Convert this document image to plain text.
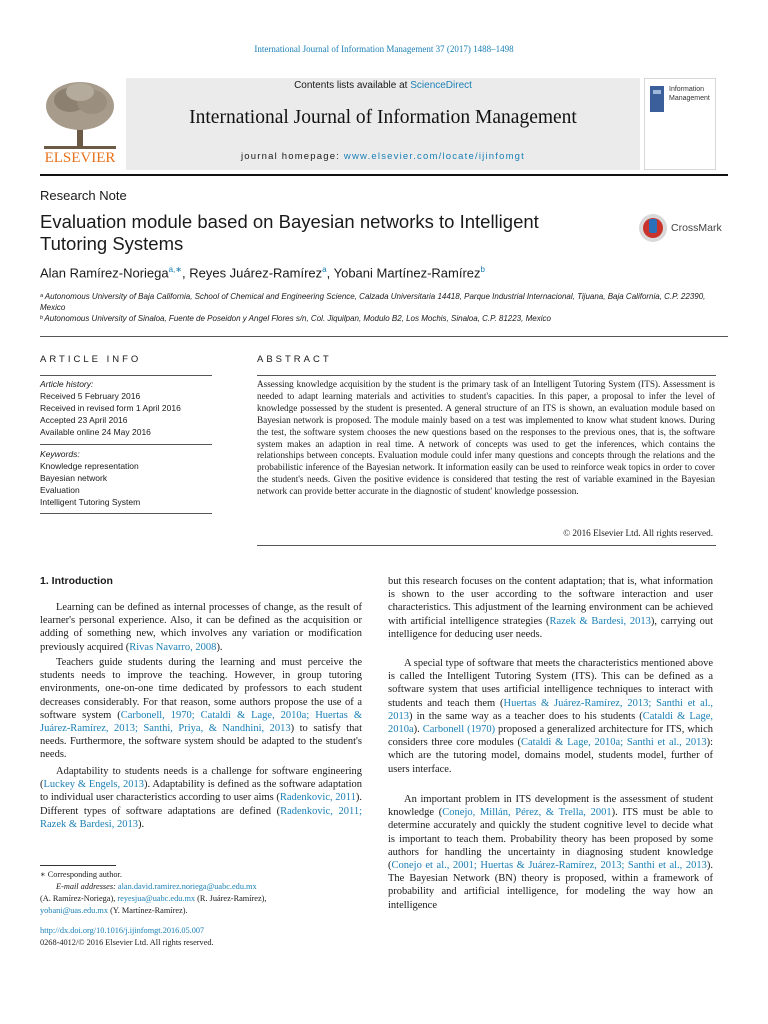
International Journal of Information Management 37 (2017) 1488–1498
ELSEVIER
Contents lists available at ScienceDirect
International Journal of Information Management
journal homepage: www.elsevier.com/locate/ijinfomgt
Information
Management
Research Note
Evaluation module based on Bayesian networks to Intelligent
Tutoring Systems
CrossMark
Alan Ramírez-Noriega$^{a,∗}$, Reyes Juárez-Ramírez$^a$, Yobani Martínez-Ramírez$^b$
ᵃ Autonomous University of Baja California, School of Chemical and Engineering Science, Calzada Universitaria 14418, Parque Industrial Internacional, Tijuana, Baja California, C.P. 22390, Mexico
ᵇ Autonomous University of Sinaloa, Fuente de Poseidon y Angel Flores s/n, Col. Jiquilpan, Modulo B2, Los Mochis, Sinaloa, C.P. 81223, Mexico
ARTICLE INFO
Article history:
Received 5 February 2016
Received in revised form 1 April 2016
Accepted 23 April 2016
Available online 24 May 2016
Keywords:
Knowledge representation
Bayesian network
Evaluation
Intelligent Tutoring System
ABSTRACT
Assessing knowledge acquisition by the student is the primary task of an Intelligent Tutoring System (ITS). Assessment is needed to adapt learning materials and activities to student's capacities. In this paper, a proposal to infer the level of knowledge possessed by the student is presented. A general structure of an ITS is shown, an evaluation module based on Bayesian network is proposed. The module mainly based on a test was implemented to know what student knows. During the test, the software system chooses the new questions based on the responses to the previous ones, that is, the software system makes an adaption in real time. A network of concepts was used to get the inferences, which contains the relationships between concepts. Evaluation module could infer many questions and concepts through the relations and the probabilistic inference of the Bayesian network. It information easily can be used to reinforce weak topics in order to cover the student's needs. Given the positive evidence is considered that testing the rest of variable examined in the Bayesian network can provide better accurate in the diagnostic of student' knowledge possession.
© 2016 Elsevier Ltd. All rights reserved.
1. Introduction

Learning can be defined as internal processes of change, as the result of learner's personal experience. Also, it can be defined as the acquisition or adding of something new, which involves any variation or modification previously acquired (Rivas Navarro, 2008).

Teachers guide students during the learning and must perceive the students needs to improve the teaching. However, in group tutoring environments, one-on-one time dedicated by professors to each student decreases considerably. For that reason, some authors propose the use of a software system (Carbonell, 1970; Cataldi & Lage, 2010a; Huertas & Juárez-Ramírez, 2013; Santhi, Priya, & Nandhini, 2013) to satisfy that needs. Furthermore, the software system should be adapted to the student's needs.

Adaptability to students needs is a challenge for software engineering (Luckey & Engels, 2013). Adaptability is defined as the software adaptation to individual user characteristics according to user aims (Radenkovic, 2011). Different types of software adaptations are defined (Radenkovic, 2011; Razek & Bardesi, 2013).

but this research focuses on the content adaptation; that is, what information is shown to the user according to the software interaction and user characteristics. This adjustment of the learning environment can be achieved with artificial intelligence strategies (Razek & Bardesi, 2013), carrying out intelligence for deducing user needs.

A special type of software that meets the characteristics mentioned above is called the Intelligent Tutoring System (ITS). This can be defined as a software system that uses artificial intelligence techniques to interact with students and teach them (Huertas & Juárez-Ramírez, 2013; Santhi et al., 2013) in the same way as a teacher does to his students (Cataldi & Lage, 2010a). Carbonell (1970) proposed a generalized architecture for ITS, which considers three core modules (Cataldi & Lage, 2010a; Santhi et al., 2013): which are the tutoring model, domains model, students model, further of users interface.

An important problem in ITS development is the assessment of student knowledge (Conejo, Millán, Pérez, & Trella, 2001). ITS must be able to determine accurately and quickly the student cognitive level to decide what is important to teach them. Probability theory has been proposed by some authors for handling the uncertainty in diagnosing student knowledge (Conejo et al., 2001; Huertas & Juárez-Ramírez, 2013; Santhi et al., 2013). The Bayesian Network (BN) theory is proposed, within a framework of probability and artificial intelligence, for modeling the way how an intelligence

∗ Corresponding author.
E-mail addresses: alan.david.ramirez.noriega@uabc.edu.mx
(A. Ramírez-Noriega), reyesjua@uabc.edu.mx (R. Juárez-Ramírez),
yobani@uas.edu.mx (Y. Martínez-Ramírez).
http://dx.doi.org/10.1016/j.ijinfomgt.2016.05.007
0268-4012/© 2016 Elsevier Ltd. All rights reserved.
